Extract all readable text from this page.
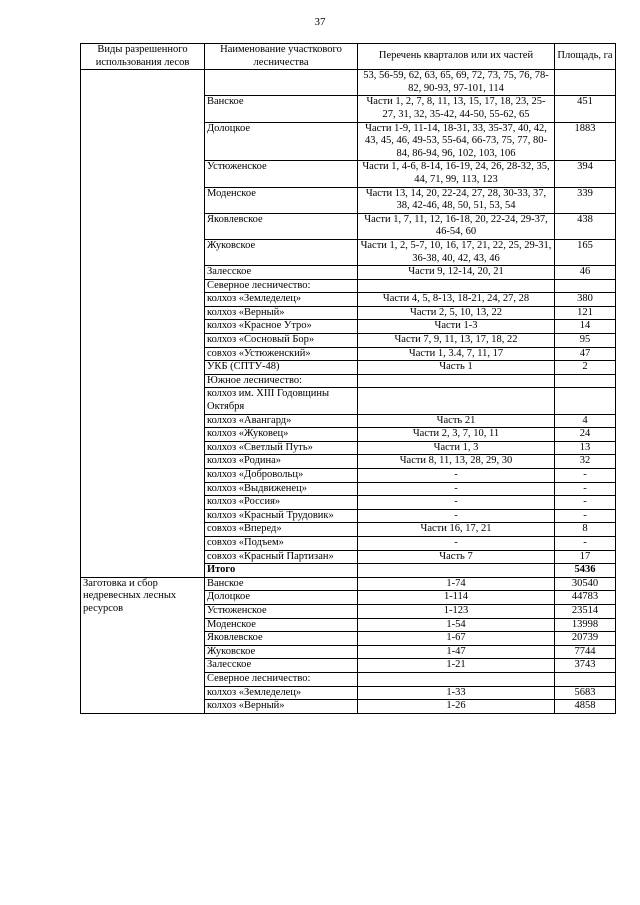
37
Виды разрешенного использования лесов	Наименование участкового лесничества	Перечень кварталов или их частей	Площадь, га
		53, 56-59, 62, 63, 65, 69, 72, 73, 75, 76, 78-82, 90-93, 97-101, 114	
	Ванское	Части 1, 2, 7, 8, 11, 13, 15, 17, 18, 23, 25-27, 31, 32, 35-42, 44-50, 55-62, 65	451
	Долоцкое	Части 1-9, 11-14, 18-31, 33, 35-37, 40, 42, 43, 45, 46, 49-53, 55-64, 66-73, 75, 77, 80-84, 86-94, 96, 102, 103, 106	1883
	Устюженское	Части 1, 4-6, 8-14, 16-19, 24, 26, 28-32, 35, 44, 71, 99, 113, 123	394
	Моденское	Части 13, 14, 20, 22-24, 27, 28, 30-33, 37, 38, 42-46, 48, 50, 51, 53, 54	339
	Яковлевское	Части 1, 7, 11, 12, 16-18, 20, 22-24, 29-37, 46-54, 60	438
	Жуковское	Части 1, 2, 5-7, 10, 16, 17, 21, 22, 25, 29-31, 36-38, 40, 42, 43, 46	165
	Залесское	Части 9, 12-14, 20, 21	46
	Северное лесничество:		
	колхоз «Земледелец»	Части 4, 5, 8-13, 18-21, 24, 27, 28	380
	колхоз «Верный»	Части 2, 5, 10, 13, 22	121
	колхоз «Красное Утро»	Части 1-3	14
	колхоз «Сосновый Бор»	Части 7, 9, 11, 13, 17, 18, 22	95
	совхоз «Устюженский»	Части 1, 3.4, 7, 11, 17	47
	УКБ (СПТУ-48)	Часть 1	2
	Южное лесничество:		
	колхоз им. XIII Годовщины Октября		
	колхоз «Авангард»	Часть 21	4
	колхоз «Жуковец»	Части 2, 3, 7, 10, 11	24
	колхоз «Светлый Путь»	Части 1, 3	13
	колхоз «Родина»	Части 8, 11, 13, 28, 29, 30	32
	колхоз «Добровольц»	-	-
	колхоз «Выдвиженец»	-	-
	колхоз «Россия»	-	-
	колхоз «Красный Трудовик»	-	-
	совхоз «Вперед»	Части 16, 17, 21	8
	совхоз «Подъем»	-	-
	совхоз «Красный Партизан»	Часть 7	17
	Итого		5436
Заготовка и сбор недревесных лесных ресурсов	Ванское	1-74	30540
	Долоцкое	1-114	44783
	Устюженское	1-123	23514
	Моденское	1-54	13998
	Яковлевское	1-67	20739
	Жуковское	1-47	7744
	Залесское	1-21	3743
	Северное лесничество:		
	колхоз «Земледелец»	1-33	5683
	колхоз «Верный»	1-26	4858
